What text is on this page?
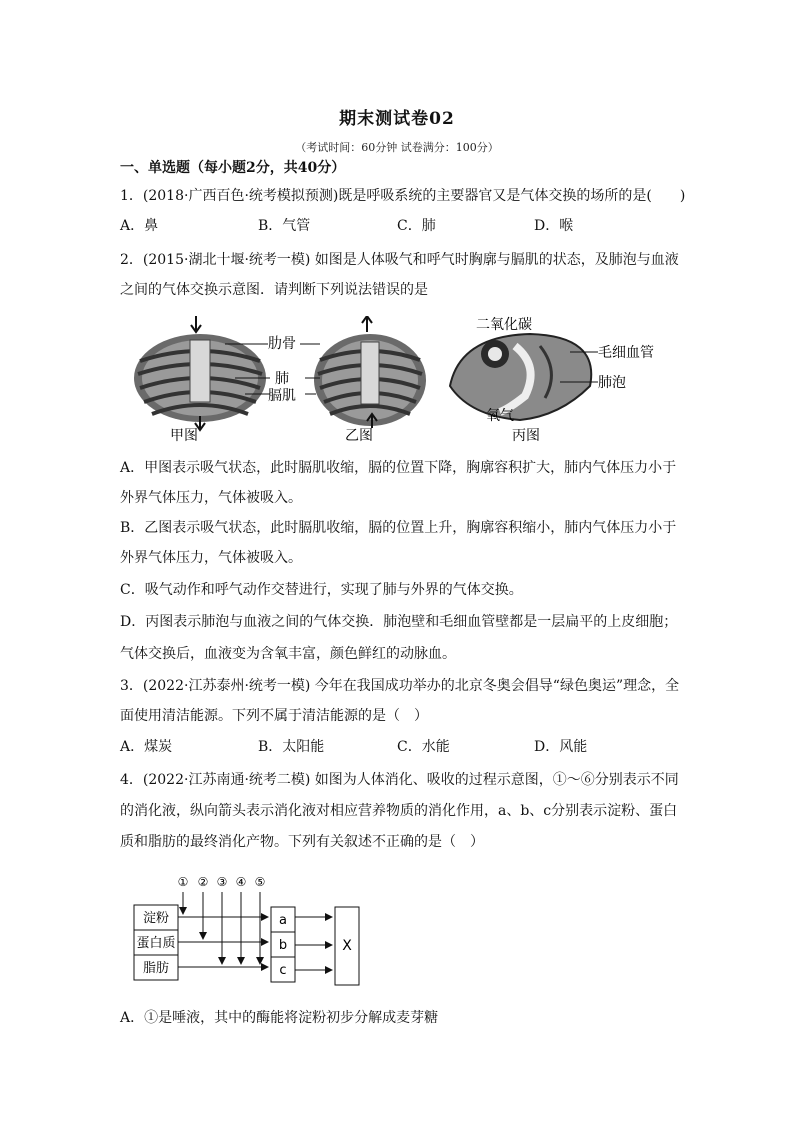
期末测试卷02
（考试时间：60分钟 试卷满分：100分）
一、单选题（每小题2分，共40分）
1．(2018·广西百色·统考模拟预测)既是呼吸系统的主要器官又是气体交换的场所的是(　　)
A．鼻	B．气管	C．肺	D．喉
2．(2015·湖北十堰·统考一模) 如图是人体吸气和呼气时胸廓与膈肌的状态，及肺泡与血液
之间的气体交换示意图．请判断下列说法错误的是
肋骨
肺
膈肌
二氧化碳
毛细血管
肺泡
氧气
甲图	乙图	丙图
A．甲图表示吸气状态，此时膈肌收缩，膈的位置下降，胸廓容积扩大，肺内气体压力小于
外界气体压力，气体被吸入。
B．乙图表示吸气状态，此时膈肌收缩，膈的位置上升，胸廓容积缩小，肺内气体压力小于
外界气体压力，气体被吸入。
C．吸气动作和呼气动作交替进行，实现了肺与外界的气体交换。
D．丙图表示肺泡与血液之间的气体交换．肺泡壁和毛细血管壁都是一层扁平的上皮细胞；
气体交换后，血液变为含氧丰富，颜色鲜红的动脉血。
3．(2022·江苏泰州·统考一模) 今年在我国成功举办的北京冬奥会倡导“绿色奥运”理念，全
面使用清洁能源。下列不属于清洁能源的是（　）
A．煤炭	B．太阳能	C．水能	D．风能
4．(2022·江苏南通·统考二模) 如图为人体消化、吸收的过程示意图，①～⑥分别表示不同
的消化液，纵向箭头表示消化液对相应营养物质的消化作用，a、b、c分别表示淀粉、蛋白
质和脂肪的最终消化产物。下列有关叙述不正确的是（　）
① ② ③ ④ ⑤
淀粉
蛋白质
脂肪
a
b
c
X
A．①是唾液，其中的酶能将淀粉初步分解成麦芽糖
